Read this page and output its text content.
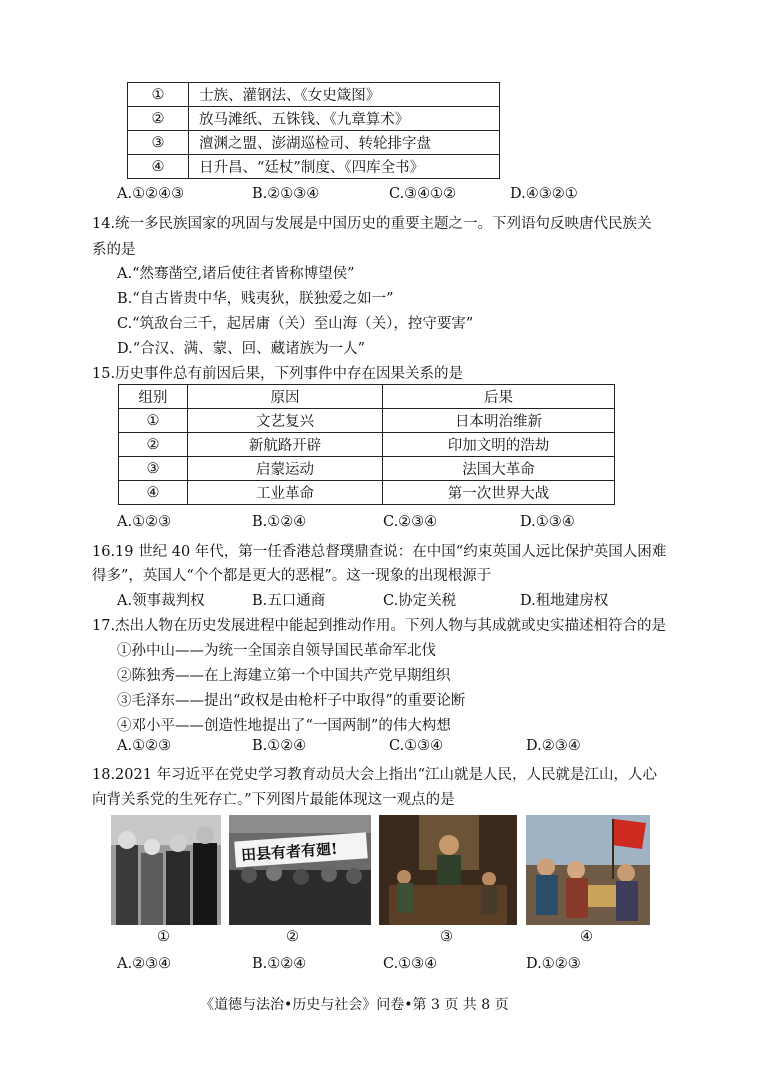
①	士族、灌钢法、《女史箴图》
②	放马滩纸、五铢钱、《九章算术》
③	澶渊之盟、澎湖巡检司、转轮排字盘
④	日升昌、“廷杖”制度、《四库全书》
A.①②④③	B.②①③④	C.③④①②	D.④③②①
14.统一多民族国家的巩固与发展是中国历史的重要主题之一。下列语句反映唐代民族关
系的是
A.“然骞凿空,诸后使往者皆称博望侯”
B.“自古皆贵中华，贱夷狄，朕独爱之如一”
C.“筑敌台三千，起居庸（关）至山海（关），控守要害”
D.“合汉、满、蒙、回、藏诸族为一人”
15.历史事件总有前因后果，下列事件中存在因果关系的是
组别	原因	后果
①	文艺复兴	日本明治维新
②	新航路开辟	印加文明的浩劫
③	启蒙运动	法国大革命
④	工业革命	第一次世界大战
A.①②③	B.①②④	C.②③④	D.①③④
16.19 世纪 40 年代，第一任香港总督璞鼎查说：在中国“约束英国人远比保护英国人困难
得多”，英国人“个个都是更大的恶棍”。这一现象的出现根源于
A.领事裁判权	B.五口通商	C.协定关税	D.租地建房权
17.杰出人物在历史发展进程中能起到推动作用。下列人物与其成就或史实描述相符合的是
①孙中山——为统一全国亲自领导国民革命军北伐
②陈独秀——在上海建立第一个中国共产党早期组织
③毛泽东——提出“政权是由枪杆子中取得”的重要论断
④邓小平——创造性地提出了“一国两制”的伟大构想
A.①②③	B.①②④	C.①③④	D.②③④
18.2021 年习近平在党史学习教育动员大会上指出“江山就是人民，人民就是江山，人心
向背关系党的生死存亡。”下列图片最能体现这一观点的是
①
田县有者有廻!
②	③	④
A.②③④	B.①②④	C.①③④	D.①②③
《道德与法治•历史与社会》问卷•第 3 页 共 8 页
